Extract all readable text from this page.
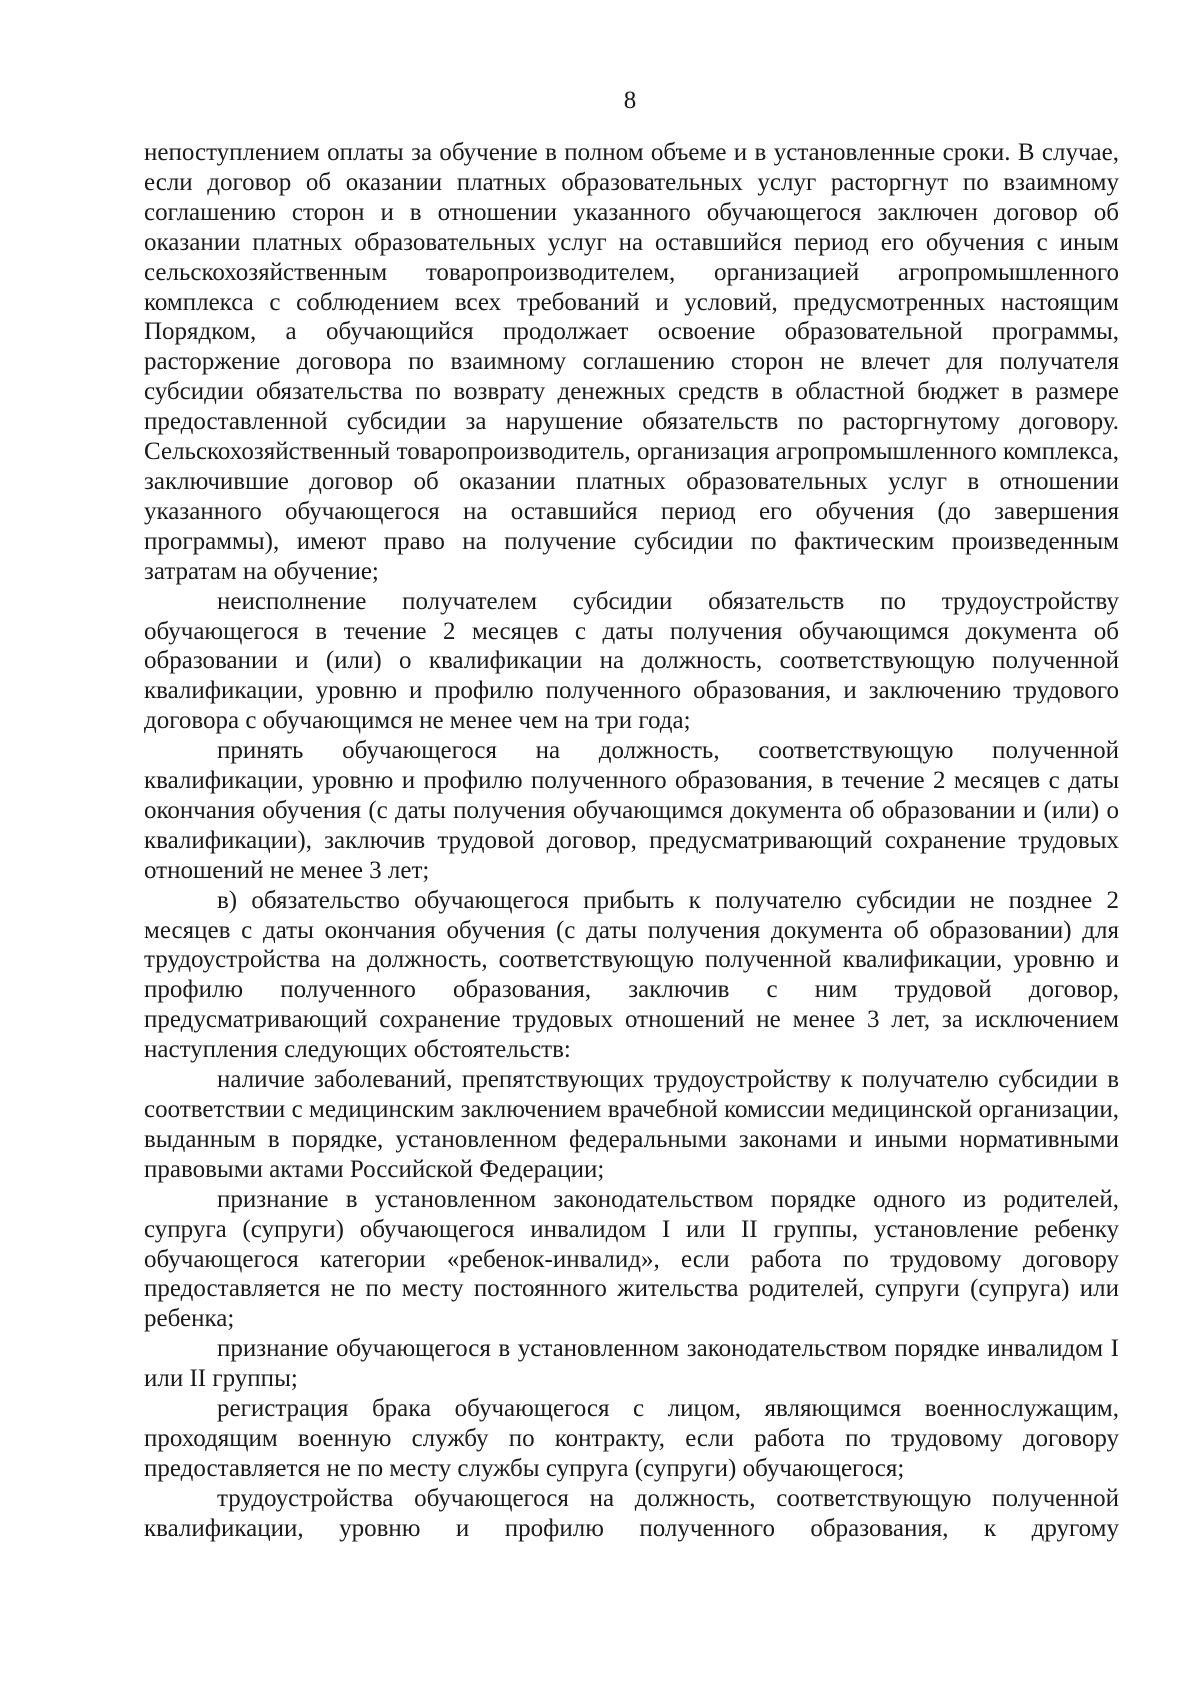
8

непоступлением оплаты за обучение в полном объеме и в установленные сроки. В случае, если договор об оказании платных образовательных услуг расторгнут по взаимному соглашению сторон и в отношении указанного обучающегося заключен договор об оказании платных образовательных услуг на оставшийся период его обучения с иным сельскохозяйственным товаропроизводителем, организацией агропромышленного комплекса с соблюдением всех требований и условий, предусмотренных настоящим Порядком, а обучающийся продолжает освоение образовательной программы, расторжение договора по взаимному соглашению сторон не влечет для получателя субсидии обязательства по возврату денежных средств в областной бюджет в размере предоставленной субсидии за нарушение обязательств по расторгнутому договору. Сельскохозяйственный товаропроизводитель, организация агропромышленного комплекса, заключившие договор об оказании платных образовательных услуг в отношении указанного обучающегося на оставшийся период его обучения (до завершения программы), имеют право на получение субсидии по фактическим произведенным затратам на обучение;

неисполнение получателем субсидии обязательств по трудоустройству обучающегося в течение 2 месяцев с даты получения обучающимся документа об образовании и (или) о квалификации на должность, соответствующую полученной квалификации, уровню и профилю полученного образования, и заключению трудового договора с обучающимся не менее чем на три года;

принять обучающегося на должность, соответствующую полученной квалификации, уровню и профилю полученного образования, в течение 2 месяцев с даты окончания обучения (с даты получения обучающимся документа об образовании и (или) о квалификации), заключив трудовой договор, предусматривающий сохранение трудовых отношений не менее 3 лет;

в) обязательство обучающегося прибыть к получателю субсидии не позднее 2 месяцев с даты окончания обучения (с даты получения документа об образовании) для трудоустройства на должность, соответствующую полученной квалификации, уровню и профилю полученного образования, заключив с ним трудовой договор, предусматривающий сохранение трудовых отношений не менее 3 лет, за исключением наступления следующих обстоятельств:

наличие заболеваний, препятствующих трудоустройству к получателю субсидии в соответствии с медицинским заключением врачебной комиссии медицинской организации, выданным в порядке, установленном федеральными законами и иными нормативными правовыми актами Российской Федерации;

признание в установленном законодательством порядке одного из родителей, супруга (супруги) обучающегося инвалидом I или II группы, установление ребенку обучающегося категории «ребенок-инвалид», если работа по трудовому договору предоставляется не по месту постоянного жительства родителей, супруги (супруга) или ребенка;

признание обучающегося в установленном законодательством порядке инвалидом I или II группы;

регистрация брака обучающегося с лицом, являющимся военнослужащим, проходящим военную службу по контракту, если работа по трудовому договору предоставляется не по месту службы супруга (супруги) обучающегося;

трудоустройства обучающегося на должность, соответствующую полученной квалификации, уровню и профилю полученного образования, к другому
